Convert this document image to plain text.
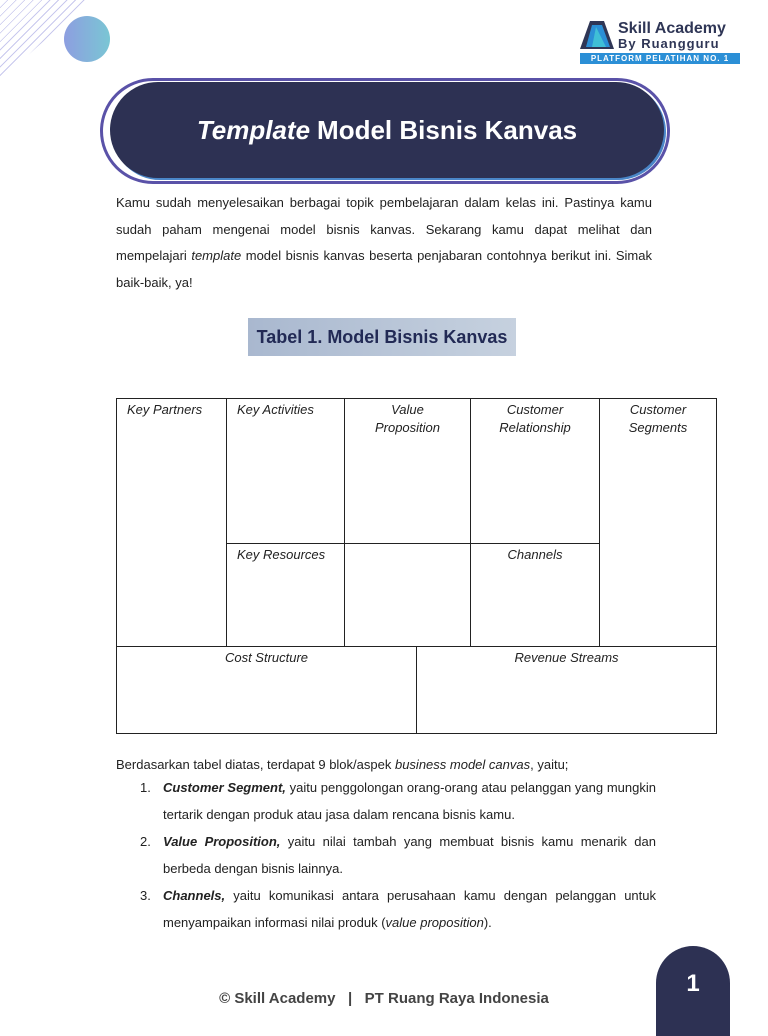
Skill Academy
By Ruangguru
PLATFORM PELATIHAN NO. 1
Template Model Bisnis Kanvas

Kamu sudah menyelesaikan berbagai topik pembelajaran dalam kelas ini. Pastinya kamu sudah paham mengenai model bisnis kanvas. Sekarang kamu dapat melihat dan mempelajari template model bisnis kanvas beserta penjabaran contohnya berikut ini. Simak baik-baik, ya!

Tabel 1. Model Bisnis Kanvas
Key Partners	Key Activities
Key Resources
Value
Proposition
Customer
Relationship
Channels
Customer
Segments
Cost Structure	Revenue Streams
Berdasarkan tabel diatas, terdapat 9 blok/aspek business model canvas, yaitu;
1. Customer Segment, yaitu penggolongan orang-orang atau pelanggan yang mungkin tertarik dengan produk atau jasa dalam rencana bisnis kamu.
2. Value Proposition, yaitu nilai tambah yang membuat bisnis kamu menarik dan berbeda dengan bisnis lainnya.
3. Channels, yaitu komunikasi antara perusahaan kamu dengan pelanggan untuk menyampaikan informasi nilai produk (value proposition).
© Skill Academy   |   PT Ruang Raya Indonesia
1
